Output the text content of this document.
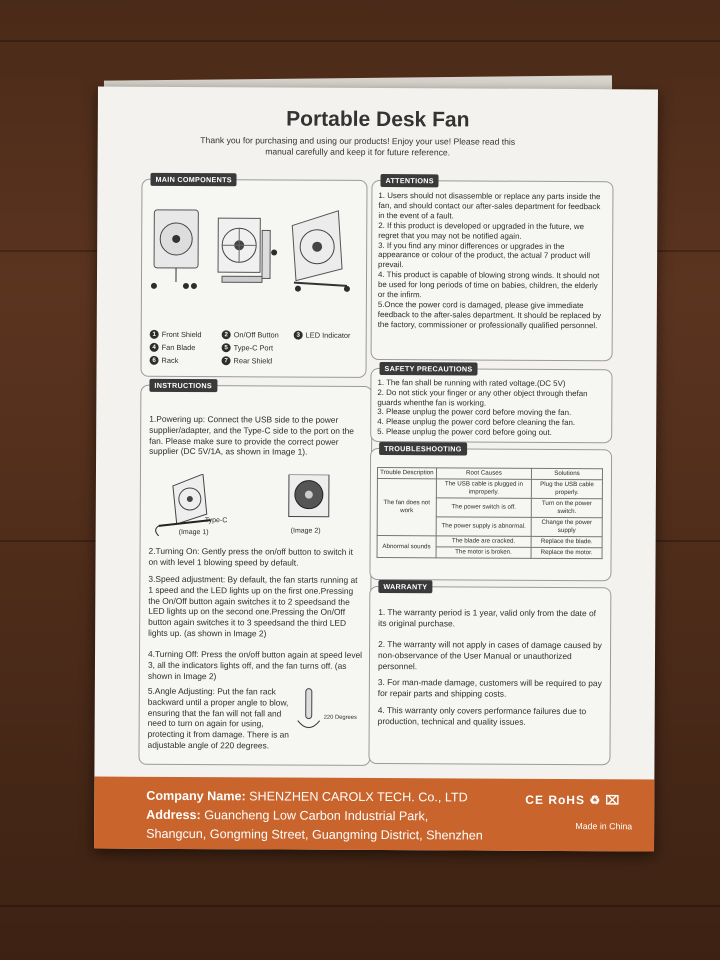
Portable Desk Fan
Thank you for purchasing and using our products! Enjoy your use! Please read this manual carefully and keep it for future reference.
MAIN COMPONENTS
1 Front Shield	2 On/Off Button	3 LED Indicator
4 Fan Blade	5 Type-C Port
6 Rack	7 Rear Shield
ATTENTIONS
1. Users should not disassemble or replace any parts inside the fan, and should contact our after-sales department for feedback in the event of a fault.
2. If this product is developed or upgraded in the future, we regret that you may not be notified again.
3. If you find any minor differences or upgrades in the appearance or colour of the product, the actual 7 product will prevail.
4. This product is capable of blowing strong winds. It should not be used for long periods of time on babies, children, the elderly or the infirm.
5.Once the power cord is damaged, please give immediate feedback to the after-sales department. It should be replaced by the factory, commissioner or professionally qualified personnel.
INSTRUCTIONS
1.Powering up: Connect the USB side to the power supplier/adapter, and the Type-C side to the port on the fan. Please make sure to provide the correct power supplier (DC 5V/1A, as shown in Image 1).
Type-C
(Image 1)	(Image 2)
2.Turning On: Gently press the on/off button to switch it on with level 1 blowing speed by default.
3.Speed adjustment: By default, the fan starts running at 1 speed and the LED lights up on the first one.Pressing the On/Off button again switches it to 2 speedsand the LED lights up on the second one.Pressing the On/Off button again switches it to 3 speedsand the third LED lights up. (as shown in Image 2)
4.Turning Off: Press the on/off button again at speed level 3, all the indicators lights off, and the fan turns off. (as shown in Image 2)
5.Angle Adjusting: Put the fan rack backward until a proper angle to blow, ensuring that the fan will not fall and need to turn on again for using, protecting it from damage. There is an adjustable angle of 220 degrees.
220 Degrees
SAFETY PRECAUTIONS
1. The fan shall be running with rated voltage.(DC 5V)
2. Do not stick your finger or any other object through thefan guards whenthe fan is working.
3. Please unplug the power cord before moving the fan.
4. Please unplug the power cord before cleaning the fan.
5. Please unplug the power cord before going out.
TROUBLESHOOTING
Trouble Description	Root Causes	Solutions
The fan does not work	The USB cable is plugged in improperly.	Plug the USB cable properly.
	The power switch is off.	Turn on the power switch.
	The power supply is abnormal.	Change the power supply
Abnormal sounds	The blade are cracked.	Replace the blade.
	The motor is broken.	Replace the motor.
WARRANTY
1. The warranty period is 1 year, valid only from the date of its original purchase.
2. The warranty will not apply in cases of damage caused by non-observance of the User Manual or unauthorized personnel.
3. For man-made damage, customers will be required to pay for repair parts and shipping costs.
4. This warranty only covers performance failures due to production, technical and quality issues.
Company Name: SHENZHEN CAROLX TECH. Co., LTD
Address: Guancheng Low Carbon Industrial Park,
Shangcun, Gongming Street, Guangming District, Shenzhen
CE RoHS ♻ ⌧
Made in China
